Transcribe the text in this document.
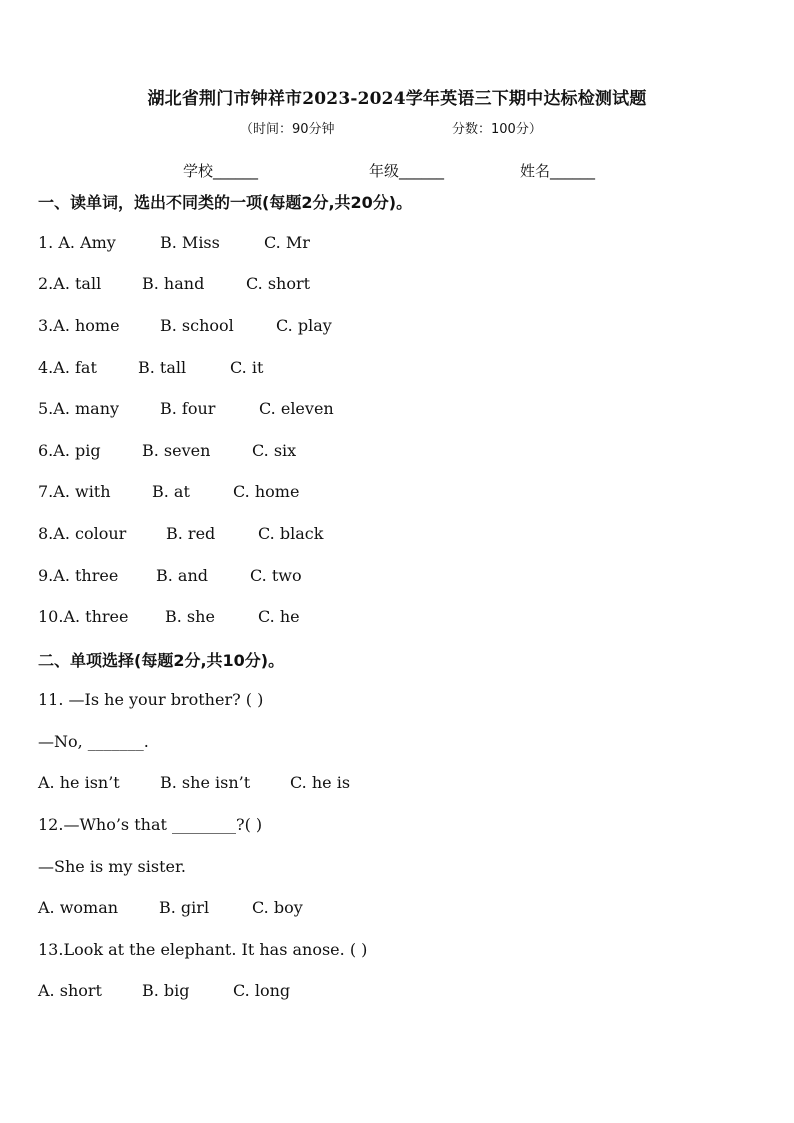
湖北省荆门市钟祥市2023-2024学年英语三下期中达标检测试题
（时间：90分钟	分数：100分）
学校______	年级______	姓名______
一、读单词，选出不同类的一项(每题2分,共20分)。
1. A. Amy	B. Miss	C. Mr
2.A. tall	B. hand	C. short
3.A. home	B. school	C. play
4.A. fat	B. tall	C. it
5.A. many	B. four	C. eleven
6.A. pig	B. seven	C. six
7.A. with	B. at	C. home
8.A. colour B. red	C. black
9.A. three B. and	C. two
10.A. three B. she	C. he
二、单项选择(每题2分,共10分)。
11. —Is he your brother? ( )
—No, _______.
A. he isn’t	B. she isn’t C. he is
12.—Who’s that ________?( )
—She is my sister.
A. woman	B. girl	C. boy
13.Look at the elephant. It has anose. ( )
A. short	B. big	C. long
